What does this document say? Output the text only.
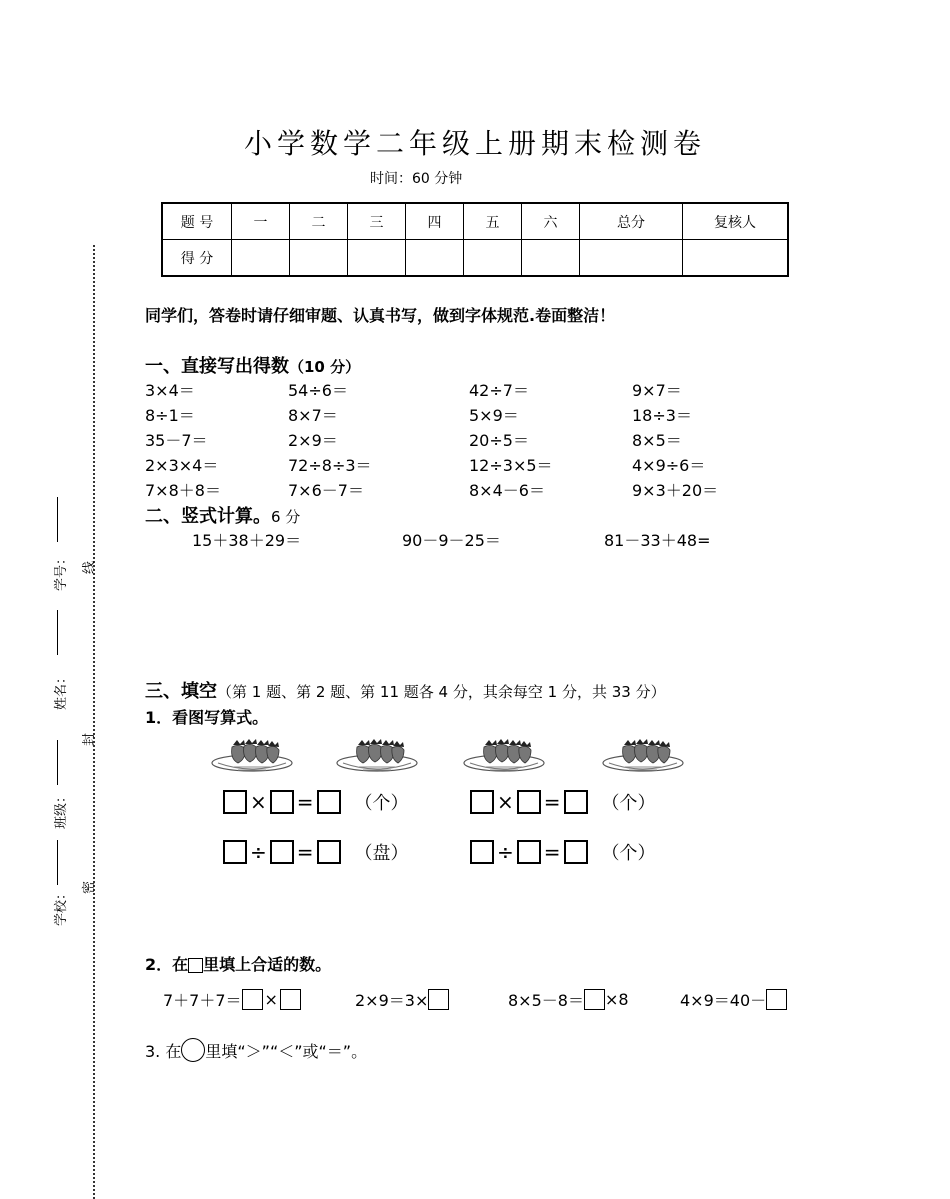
学校：
班级：
姓名：
学号：
密
封
线
小学数学二年级上册期末检测卷
时间：60 分钟
题 号	一	二	三	四	五	六	总分	复核人
得 分								
同学们，答卷时请仔细审题、认真书写，做到字体规范.卷面整洁！
一、直接写出得数（10 分）
3×4＝	54÷6＝	42÷7＝	9×7＝
8÷1＝	8×7＝	5×9＝	18÷3＝
35－7＝	2×9＝	20÷5＝	8×5＝
2×3×4＝	72÷8÷3＝	12÷3×5＝	4×9÷6＝
7×8＋8＝	7×6－7＝	8×4－6＝	9×3＋20＝
二、竖式计算。6 分
15＋38＋29＝	90－9－25＝	81－33＋48=
三、填空（第 1 题、第 2 题、第 11 题各 4 分，其余每空 1 分，共 33 分）
1．看图写算式。
× = （个）	× = （个）
÷ = （盘）	÷ = （个）
2．在 里填上合适的数。
7＋7＋7＝ ×	2×9＝3×	8×5－8＝ ×8	4×9＝40－
3. 在 里填“＞”“＜”或“＝”。
